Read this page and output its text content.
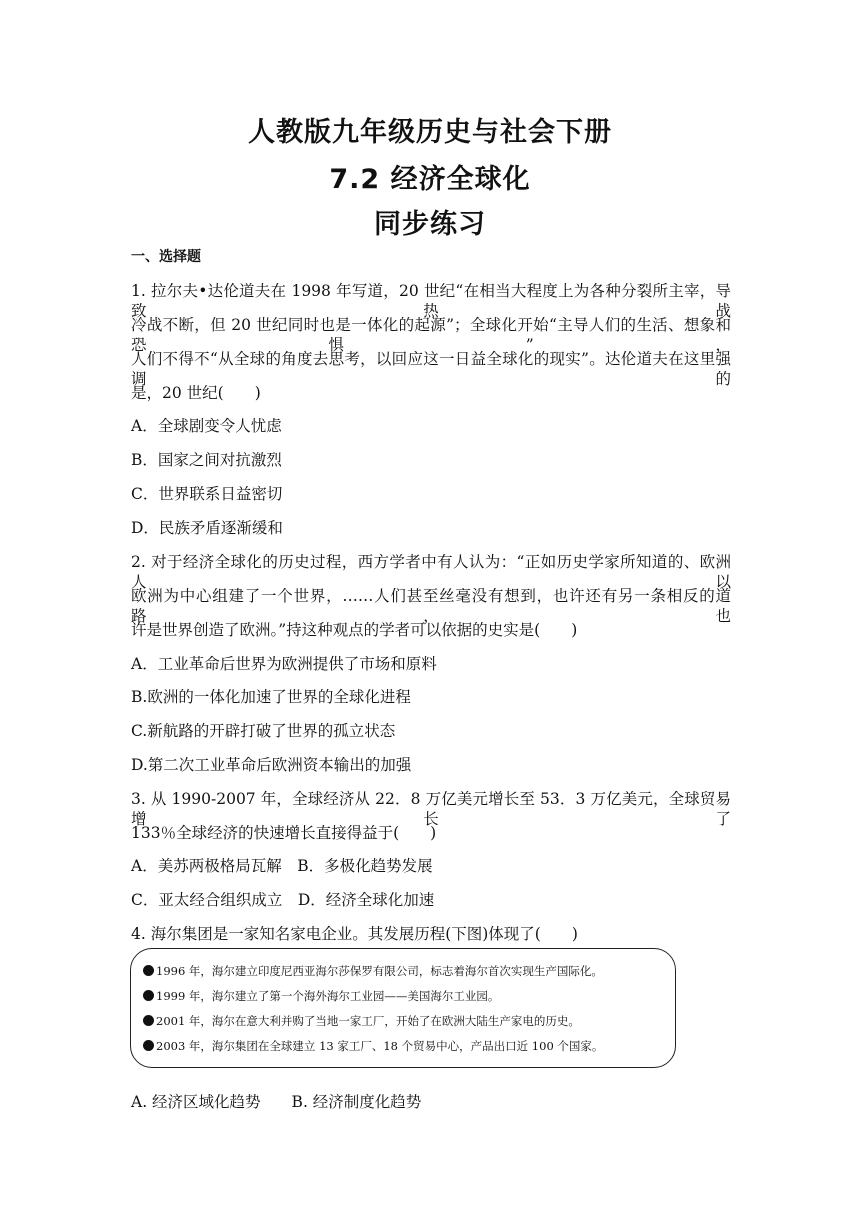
人教版九年级历史与社会下册
7.2 经济全球化
同步练习
一、选择题
1. 拉尔夫•达伦道夫在 1998 年写道，20 世纪“在相当大程度上为各种分裂所主宰，导致热战
冷战不断，但 20 世纪同时也是一体化的起源”；全球化开始“主导人们的生活、想象和恐惧”，
人们不得不“从全球的角度去思考，以回应这一日益全球化的现实”。达伦道夫在这里强调的
是，20 世纪(　　)
A．全球剧变令人忧虑
B．国家之间对抗激烈
C．世界联系日益密切
D．民族矛盾逐渐缓和
2. 对于经济全球化的历史过程，西方学者中有人认为：“正如历史学家所知道的、欧洲人以
欧洲为中心组建了一个世界，……人们甚至丝毫没有想到，也许还有另一条相反的道路，也
许是世界创造了欧洲。”持这种观点的学者可以依据的史实是(　　)
A．工业革命后世界为欧洲提供了市场和原料
B.欧洲的一体化加速了世界的全球化进程
C.新航路的开辟打破了世界的孤立状态
D.第二次工业革命后欧洲资本输出的加强
3. 从 1990-2007 年，全球经济从 22．8 万亿美元增长至 53．3 万亿美元，全球贸易增长了
133％全球经济的快速增长直接得益于(　　)
A．美苏两极格局瓦解　B．多极化趋势发展
C．亚太经合组织成立　D．经济全球化加速
4. 海尔集团是一家知名家电企业。其发展历程(下图)体现了(　　)
1996 年，海尔建立印度尼西亚海尔莎保罗有限公司，标志着海尔首次实现生产国际化。
1999 年，海尔建立了第一个海外海尔工业园——美国海尔工业园。
2001 年，海尔在意大利并购了当地一家工厂，开始了在欧洲大陆生产家电的历史。
2003 年，海尔集团在全球建立 13 家工厂、18 个贸易中心，产品出口近 100 个国家。
A. 经济区域化趋势　　B. 经济制度化趋势
